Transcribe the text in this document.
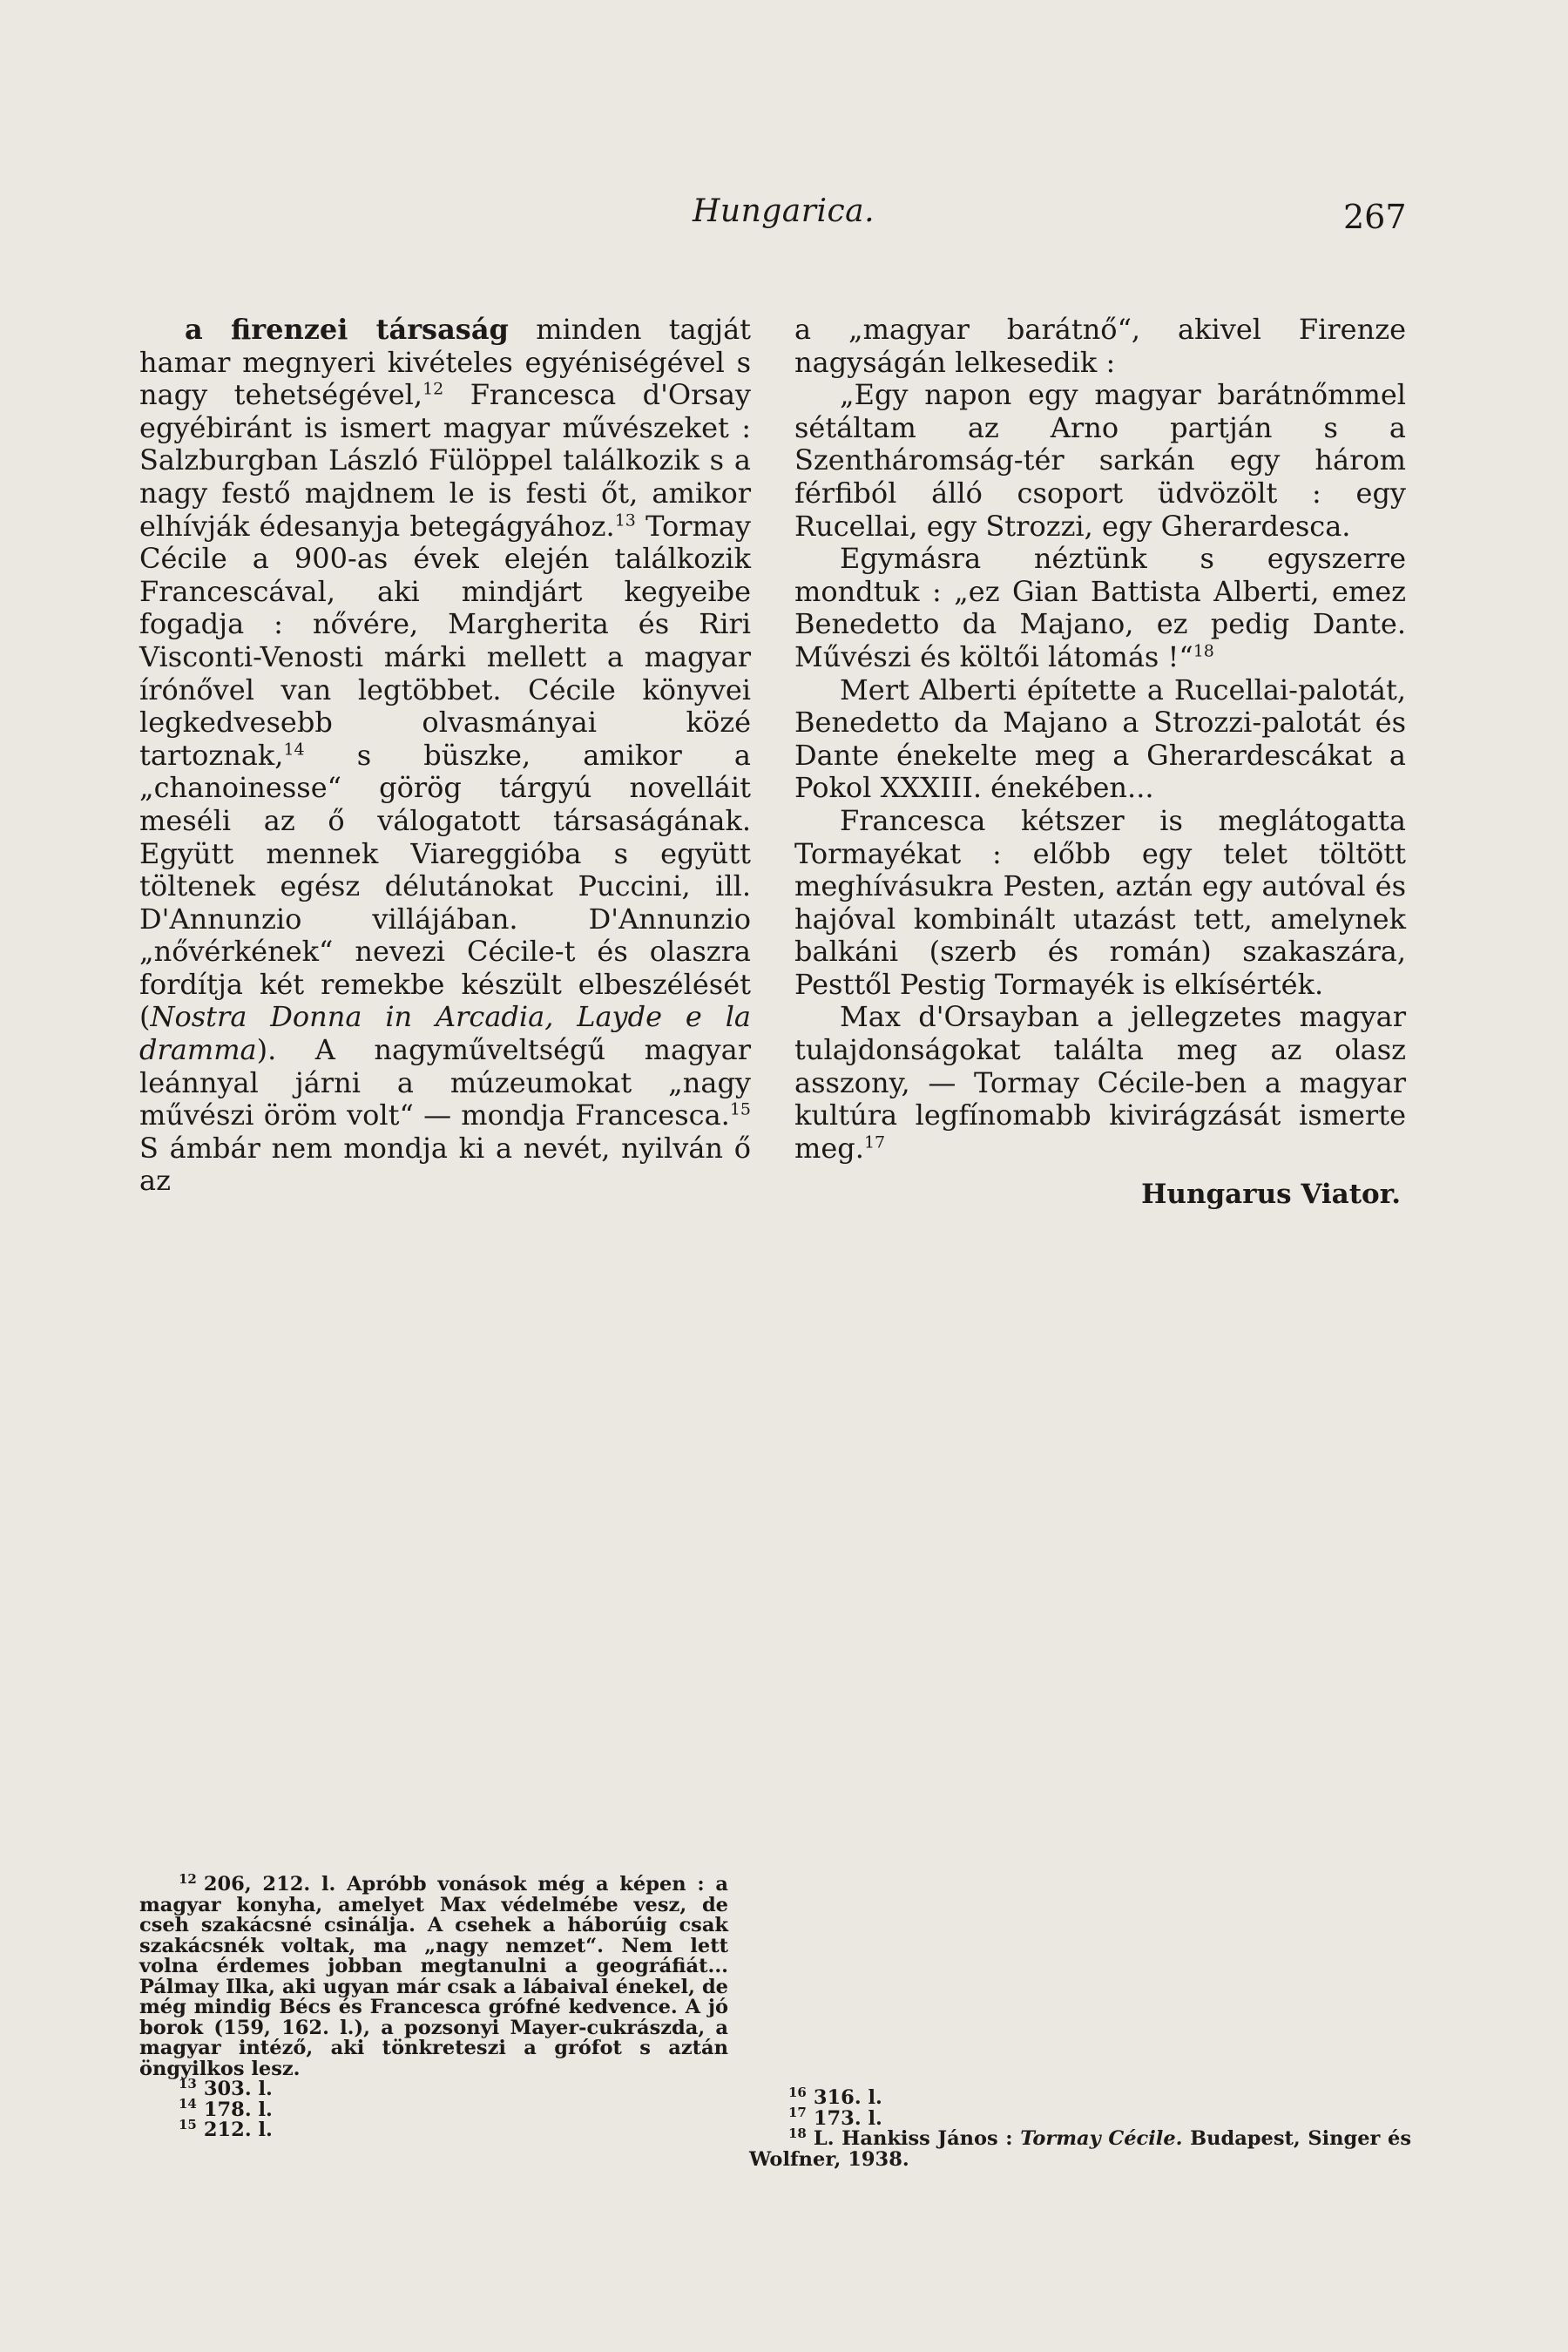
Hungarica.	267

a firenzei társaság minden tagját hamar megnyeri kivételes egyéniségével s nagy tehetségével,$^{12}$ Francesca d'Orsay egyébiránt is ismert magyar művészeket : Salzburgban László Fülöppel találkozik s a nagy festő majdnem le is festi őt, amikor elhívják édesanyja betegágyához.$^{13}$ Tormay Cécile a 900-as évek elején találkozik Francescával, aki mindjárt kegyeibe fogadja : nővére, Margherita és Riri Visconti-Venosti márki mellett a magyar írónővel van legtöbbet. Cécile könyvei legkedvesebb olvasmányai közé tartoznak,$^{14}$ s büszke, amikor a „chanoinesse“ görög tárgyú novelláit meséli az ő válogatott társaságának. Együtt mennek Viareggióba s együtt töltenek egész délutánokat Puccini, ill. D'Annunzio villájában. D'Annunzio „nővérkének“ nevezi Cécile-t és olaszra fordítja két remekbe készült elbeszélését (Nostra Donna in Arcadia, Layde e la dramma). A nagyműveltségű magyar leánnyal járni a múzeumokat „nagy művészi öröm volt“ — mondja Francesca.$^{15}$ S ámbár nem mondja ki a nevét, nyilván ő az

a „magyar barátnő“, akivel Firenze nagyságán lelkesedik :

„Egy napon egy magyar barátnőmmel sétáltam az Arno partján s a Szentháromság-tér sarkán egy három férfiból álló csoport üdvözölt : egy Rucellai, egy Strozzi, egy Gherardesca.

Egymásra néztünk s egyszerre mondtuk : „ez Gian Battista Alberti, emez Benedetto da Majano, ez pedig Dante. Művészi és költői látomás !“$^{18}$

Mert Alberti építette a Rucellai-palotát, Benedetto da Majano a Strozzi-palotát és Dante énekelte meg a Gherardescákat a Pokol XXXIII. énekében...

Francesca kétszer is meglátogatta Tormayékat : előbb egy telet töltött meghívásukra Pesten, aztán egy autóval és hajóval kombinált utazást tett, amelynek balkáni (szerb és román) szakaszára, Pesttől Pestig Tormayék is elkísérték.

Max d'Orsayban a jellegzetes magyar tulajdonságokat találta meg az olasz asszony, — Tormay Cécile-ben a magyar kultúra legfínomabb kivirágzását ismerte meg.$^{17}$

Hungarus Viator.

$^{12}$ 206, 212. l. Apróbb vonások még a képen : a magyar konyha, amelyet Max védelmébe vesz, de cseh szakácsné csinálja. A csehek a háborúig csak szakácsnék voltak, ma „nagy nemzet“. Nem lett volna érdemes jobban megtanulni a geográfiát... Pálmay Ilka, aki ugyan már csak a lábaival énekel, de még mindig Bécs és Francesca grófné kedvence. A jó borok (159, 162. l.), a pozsonyi Mayer-cukrászda, a magyar intéző, aki tönkreteszi a grófot s aztán öngyilkos lesz.

$^{13}$ 303. l.

$^{14}$ 178. l.

$^{15}$ 212. l.

$^{16}$ 316. l.

$^{17}$ 173. l.

$^{18}$ L. Hankiss János : Tormay Cécile. Budapest, Singer és Wolfner, 1938.
